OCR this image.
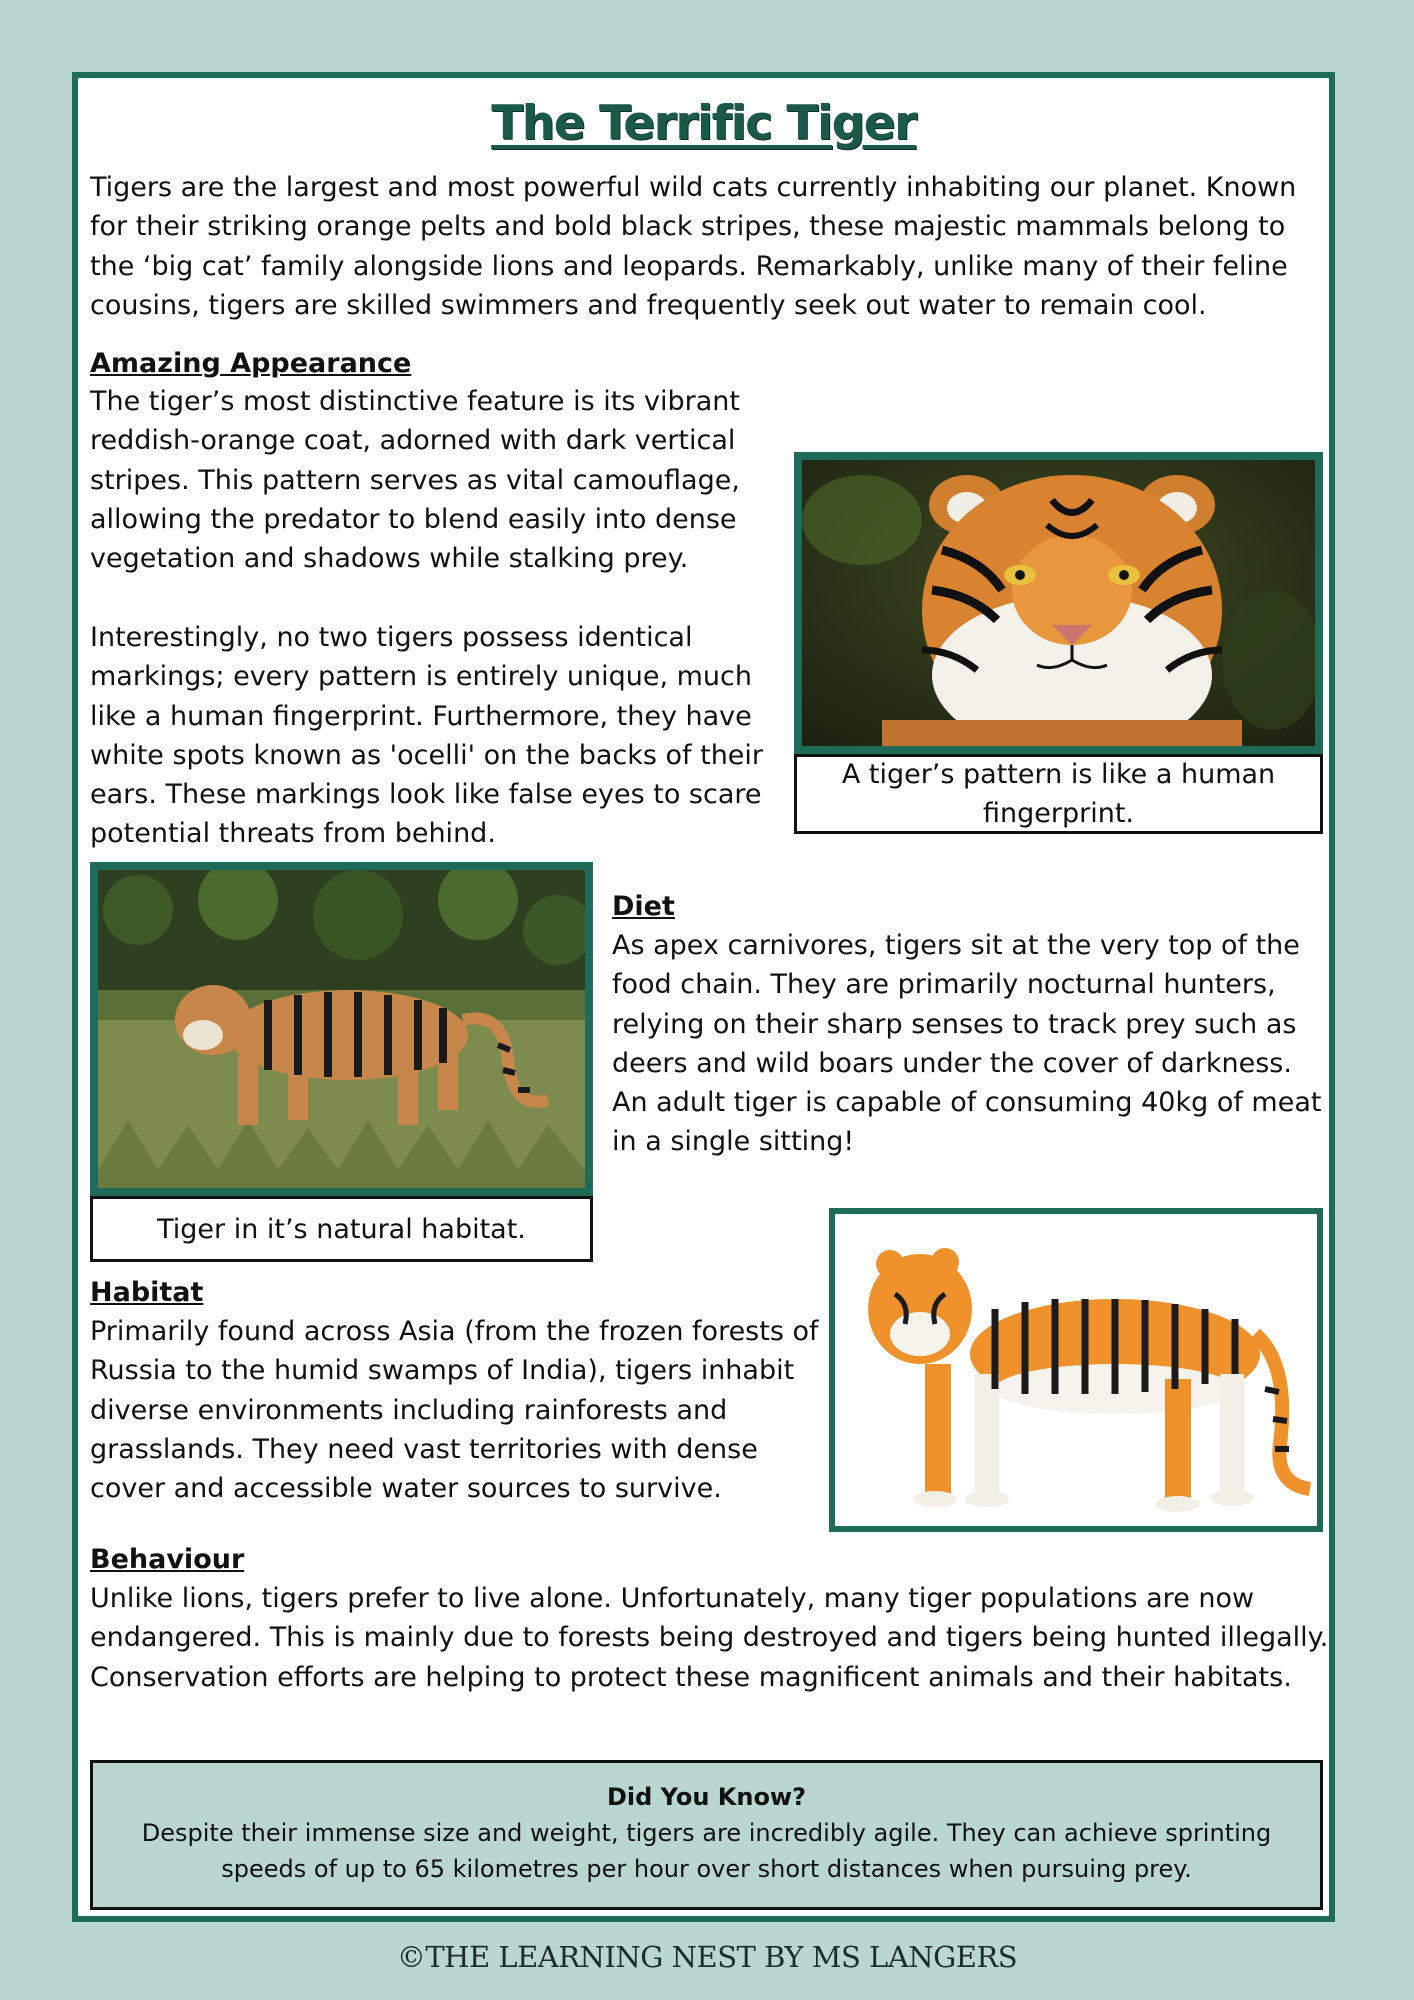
The Terrific Tiger

Tigers are the largest and most powerful wild cats currently inhabiting our planet. Known for their striking orange pelts and bold black stripes, these majestic mammals belong to the ‘big cat’ family alongside lions and leopards. Remarkably, unlike many of their feline cousins, tigers are skilled swimmers and frequently seek out water to remain cool.

Amazing Appearance

The tiger’s most distinctive feature is its vibrant reddish-orange coat, adorned with dark vertical stripes. This pattern serves as vital camouflage, allowing the predator to blend easily into dense vegetation and shadows while stalking prey.

Interestingly, no two tigers possess identical markings; every pattern is entirely unique, much like a human fingerprint. Furthermore, they have white spots known as 'ocelli' on the backs of their ears. These markings look like false eyes to scare potential threats from behind.

A tiger’s pattern is like a human fingerprint.
Tiger in it’s natural habitat.
Diet

As apex carnivores, tigers sit at the very top of the food chain. They are primarily nocturnal hunters, relying on their sharp senses to track prey such as deers and wild boars under the cover of darkness. An adult tiger is capable of consuming 40kg of meat in a single sitting!

Habitat

Primarily found across Asia (from the frozen forests of Russia to the humid swamps of India), tigers inhabit diverse environments including rainforests and grasslands. They need vast territories with dense cover and accessible water sources to survive.

Behaviour

Unlike lions, tigers prefer to live alone. Unfortunately, many tiger populations are now endangered. This is mainly due to forests being destroyed and tigers being hunted illegally. Conservation efforts are helping to protect these magnificent animals and their habitats.

Did You Know?
Despite their immense size and weight, tigers are incredibly agile. They can achieve sprinting speeds of up to 65 kilometres per hour over short distances when pursuing prey.
©THE LEARNING NEST BY MS LANGERS
